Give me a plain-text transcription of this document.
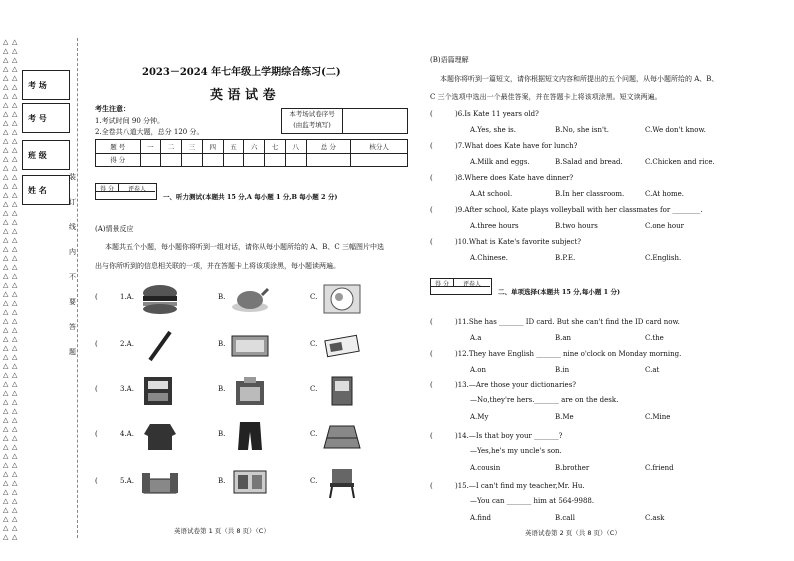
△
△
△
△
△
△
△
△
△
△
△
△
△
△
△
△
△
△
△
△
△
△
△
△
△
△
△
△
△
△
△
△
△
△
△
△
△
△
△
△
△
△
△
△
△
△
△
△
△
△
△
△
△
△
△
△

△
△
△
△
△
△
△
△
△
△
△
△
△
△
△
△
△
△
△
△
△
△
△
△
△
△
△
△
△
△
△
△
△
△
△
△
△
△
△
△
△
△
△
△
△
△
△
△
△
△
△
△
△
△
△
△

考 场
考 号
班 级
姓 名
装
订
线
内
不
要
答
题
2023－2024 年七年级上学期综合练习(二)
英 语 试 卷
考生注意：
1.考试时间 90 分钟。
2.全卷共八道大题，总分 120 分。
本考场试卷序号
(由监考填写)
题 号	一	二	三	四	五	六	七	八	总 分	核分人
得 分										
得 分	评卷人
一、听力测试(本题共 15 分,A 每小题 1 分,B 每小题 2 分)
(A)情景反应
本题共五个小题，每小题你将听到一组对话，请你从每小题所给的 A、B、C 三幅图片中选
出与你所听到的信息相关联的一项，并在答题卡上将该项涂黑，每小题读两遍。
(	1.A.	B.	C.
(	2.A.	B.	C.
(	3.A.	B.	C.
(	4.A.	B.	C.
(	5.A.	B.	C.
英语试卷第 1 页（共 8 页）（C）
(B)语篇理解
本题你将听到一篇短文，请你根据短文内容和所提出的五个问题，从每小题所给的 A、B、
C 三个选项中选出一个最佳答案，并在答题卡上将该项涂黑。短文读两遍。
(	)6.Is Kate 11 years old?
A.Yes, she is.	B.No, she isn't.	C.We don't know.
(	)7.What does Kate have for lunch?
A.Milk and eggs.	B.Salad and bread.	C.Chicken and rice.
(	)8.Where does Kate have dinner?
A.At school.	B.In her classroom.	C.At home.
(	)9.After school, Kate plays volleyball with her classmates for ________.
A.three hours	B.two hours	C.one hour
(	)10.What is Kate's favorite subject?
A.Chinese.	B.P.E.	C.English.
得 分	评卷人
二、单项选择(本题共 15 分,每小题 1 分)
(	)11.She has _______ ID card. But she can't find the ID card now.
A.a	B.an	C.the
(	)12.They have English _______ nine o'clock on Monday morning.
A.on	B.in	C.at
(	)13.—Are those your dictionaries?
—No,they're hers._______ are on the desk.
A.My	B.Me	C.Mine
(	)14.—Is that boy your _______?
—Yes,he's my uncle's son.
A.cousin	B.brother	C.friend
(	)15.—I can't find my teacher,Mr. Hu.
—You can _______ him at 564-9988.
A.find	B.call	C.ask
英语试卷第 2 页（共 8 页）（C）
